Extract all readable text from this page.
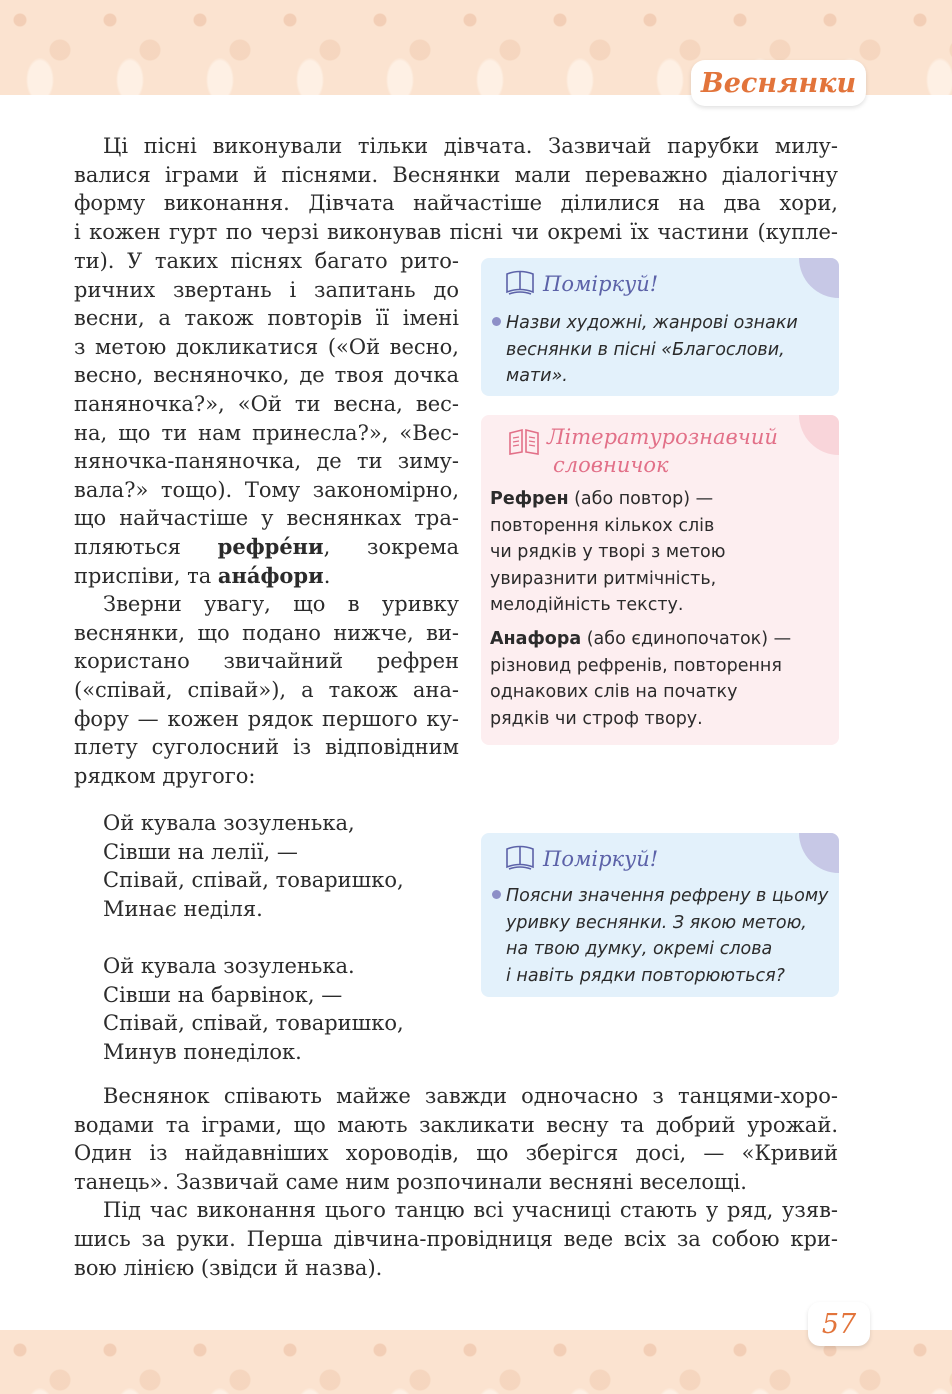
Веснянки
Ці пісні виконували тільки дівчата. Зазвичай парубки милу-
валися іграми й піснями. Веснянки мали переважно діалогічну
форму виконання. Дівчата найчастіше ділилися на два хори,
і кожен гурт по черзі виконував пісні чи окремі їх частини (купле-
ти). У таких піснях багато рито-
ричних звертань і запитань до
весни, а також повторів її імені
з метою докликатися («Ой весно,
весно, весняночко, де твоя дочка
паняночка?», «Ой ти весна, вес-
на, що ти нам принесла?», «Вес-
няночка-паняночка, де ти зиму-
вала?» тощо). Тому закономірно,
що найчастіше у веснянках тра-
пляються рефре́ни, зокрема
приспіви, та ана́фори.
Зверни увагу, що в уривку
веснянки, що подано нижче, ви-
користано звичайний рефрен
(«співай, співай»), а також ана-
фору — кожен рядок першого ку-
плету суголосний із відповідним
рядком другого:
Ой кувала зозуленька,
Сівши на лелії, —
Співай, співай, товаришко,
Минає неділя.
Ой кувала зозуленька.
Сівши на барвінок, —
Співай, співай, товаришко,
Минув понеділок.
Веснянок співають майже завжди одночасно з танцями-хоро-
водами та іграми, що мають закликати весну та добрий урожай.
Один із найдавніших хороводів, що зберігся досі, — «Кривий
танець». Зазвичай саме ним розпочинали весняні веселощі.
Під час виконання цього танцю всі учасниці стають у ряд, узяв-
шись за руки. Перша дівчина-провідниця веде всіх за собою кри-
вою лінією (звідси й назва).
Поміркуй!
Назви художні, жанрові ознаки
веснянки в пісні «Благослови,
мати».
Літературознавчий
словничок
Рефрен (або повтор) —
повторення кількох слів
чи рядків у творі з метою
увиразнити ритмічність,
мелодійність тексту.
Анафора (або єдинопочаток) —
різновид рефренів, повторення
однакових слів на початку
рядків чи строф твору.
Поміркуй!
Поясни значення рефрену в цьому
уривку веснянки. З якою метою,
на твою думку, окремі слова
і навіть рядки повторюються?
57
